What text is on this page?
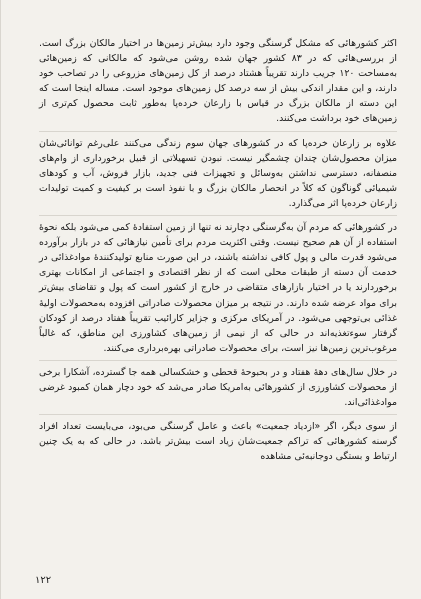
اکثر کشورهائی که مشکل گرسنگی وجود دارد بیش‌تر زمین‌ها در اختیار مالکان بزرگ است. از بررسی‌هائی که در ۸۳ کشور جهان شده روشن می‌شود که مالکانی که زمین‌هائی به‌مساحت ۱۲۰ جریب دارند تقریباً هشتاد درصد از کل زمین‌های مزروعی را در تصاحب خود دارند، و این مقدار اندکی بیش از سه درصد کل زمین‌های موجود است. مساله اینجا است که این دسته از مالکان بزرگ در قیاس با زارعان خرده‌پا به‌طور ثابت محصول کم‌تری از زمین‌های خود برداشت می‌کنند.

علاوه بر زارعان خرده‌پا که در کشورهای جهان سوم زندگی می‌کنند علی‌رغم توانائی‌شان میزان محصول‌شان چندان چشمگیر نیست. نبودن تسهیلاتی از قبیل برخورداری از وام‌های منصفانه، دسترسی نداشتن به‌وسائل و تجهیزات فنی جدید، بازار فروش، آب و کودهای شیمیائی گوناگون که کلاً در انحصار مالکان بزرگ و با نفوذ است بر کیفیت و کمیت تولیدات زارعان خرده‌پا اثر می‌گذارد.

در کشورهائی که مردم آن به‌گرسنگی دچارند نه تنها از زمین استفادهٔ کمی می‌شود بلکه نحوهٔ استفاده از آن هم صحیح نیست. وقتی اکثریت مردم برای تأمین نیازهائی که در بازار برآورده می‌شود قدرت مالی و پول کافی نداشته باشند، در این صورت منابع تولیدکنندهٔ موادغذائی در خدمت آن دسته از طبقات محلی است که از نظر اقتصادی و اجتماعی از امکانات بهتری برخوردارند یا در اختیار بازارهای متقاضی در خارج از کشور است که پول و تقاضای بیش‌تر برای مواد عرضه شده دارند. در نتیجه بر میزان محصولات صادراتی افزوده به‌محصولات اولیهٔ غذائی بی‌توجهی می‌شود. در آمریکای مرکزی و جزایر کارائیب تقریباً هفتاد درصد از کودکان گرفتار سوءتغذیه‌اند در حالی که از نیمی از زمین‌های کشاورزی این مناطق، که غالباً مرغوب‌ترین زمین‌ها نیز است، برای محصولات صادراتی بهره‌برداری می‌کنند.

در خلال سال‌های دههٔ هفتاد و در بحبوحهٔ قحطی و خشکسالی همه جا گسترده، آشکارا برخی از محصولات کشاورزی از کشورهائی به‌امریکا صادر می‌شد که خود دچار همان کمبود غرضی موادغذائی‌اند.

از سوی دیگر، اگر «ازدیاد جمعیت» باعث و عامل گرسنگی می‌بود، می‌بایست تعداد افراد گرسنه کشورهائی که تراکم جمعیت‌شان زیاد است بیش‌تر باشد. در حالی که به یک چنین ارتباط و بستگی دوجانبه‌ئی مشاهده

۱۲۲
